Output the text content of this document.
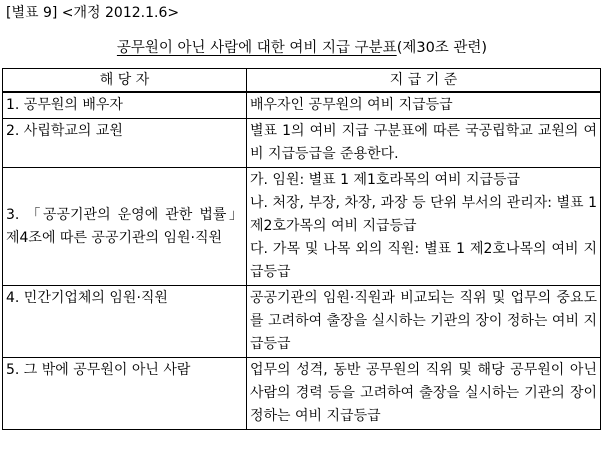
[별표 9] <개정 2012.1.6>
공무원이 아닌 사람에 대한 여비 지급 구분표(제30조 관련)
해 당 자	지 급 기 준
1. 공무원의 배우자	배우자인 공무원의 여비 지급등급
2. 사립학교의 교원	별표 1의 여비 지급 구분표에 따른 국공립학교 교원의 여비 지급등급을 준용한다.
3. 「공공기관의 운영에 관한 법률」 제4조에 따른 공공기관의 임원·직원	가. 임원: 별표 1 제1호라목의 여비 지급등급
나. 처장, 부장, 차장, 과장 등 단위 부서의 관리자: 별표 1 제2호가목의 여비 지급등급
다. 가목 및 나목 외의 직원: 별표 1 제2호나목의 여비 지급등급

4. 민간기업체의 임원·직원	공공기관의 임원·직원과 비교되는 직위 및 업무의 중요도를 고려하여 출장을 실시하는 기관의 장이 정하는 여비 지급등급
5. 그 밖에 공무원이 아닌 사람	업무의 성격, 동반 공무원의 직위 및 해당 공무원이 아닌 사람의 경력 등을 고려하여 출장을 실시하는 기관의 장이 정하는 여비 지급등급
